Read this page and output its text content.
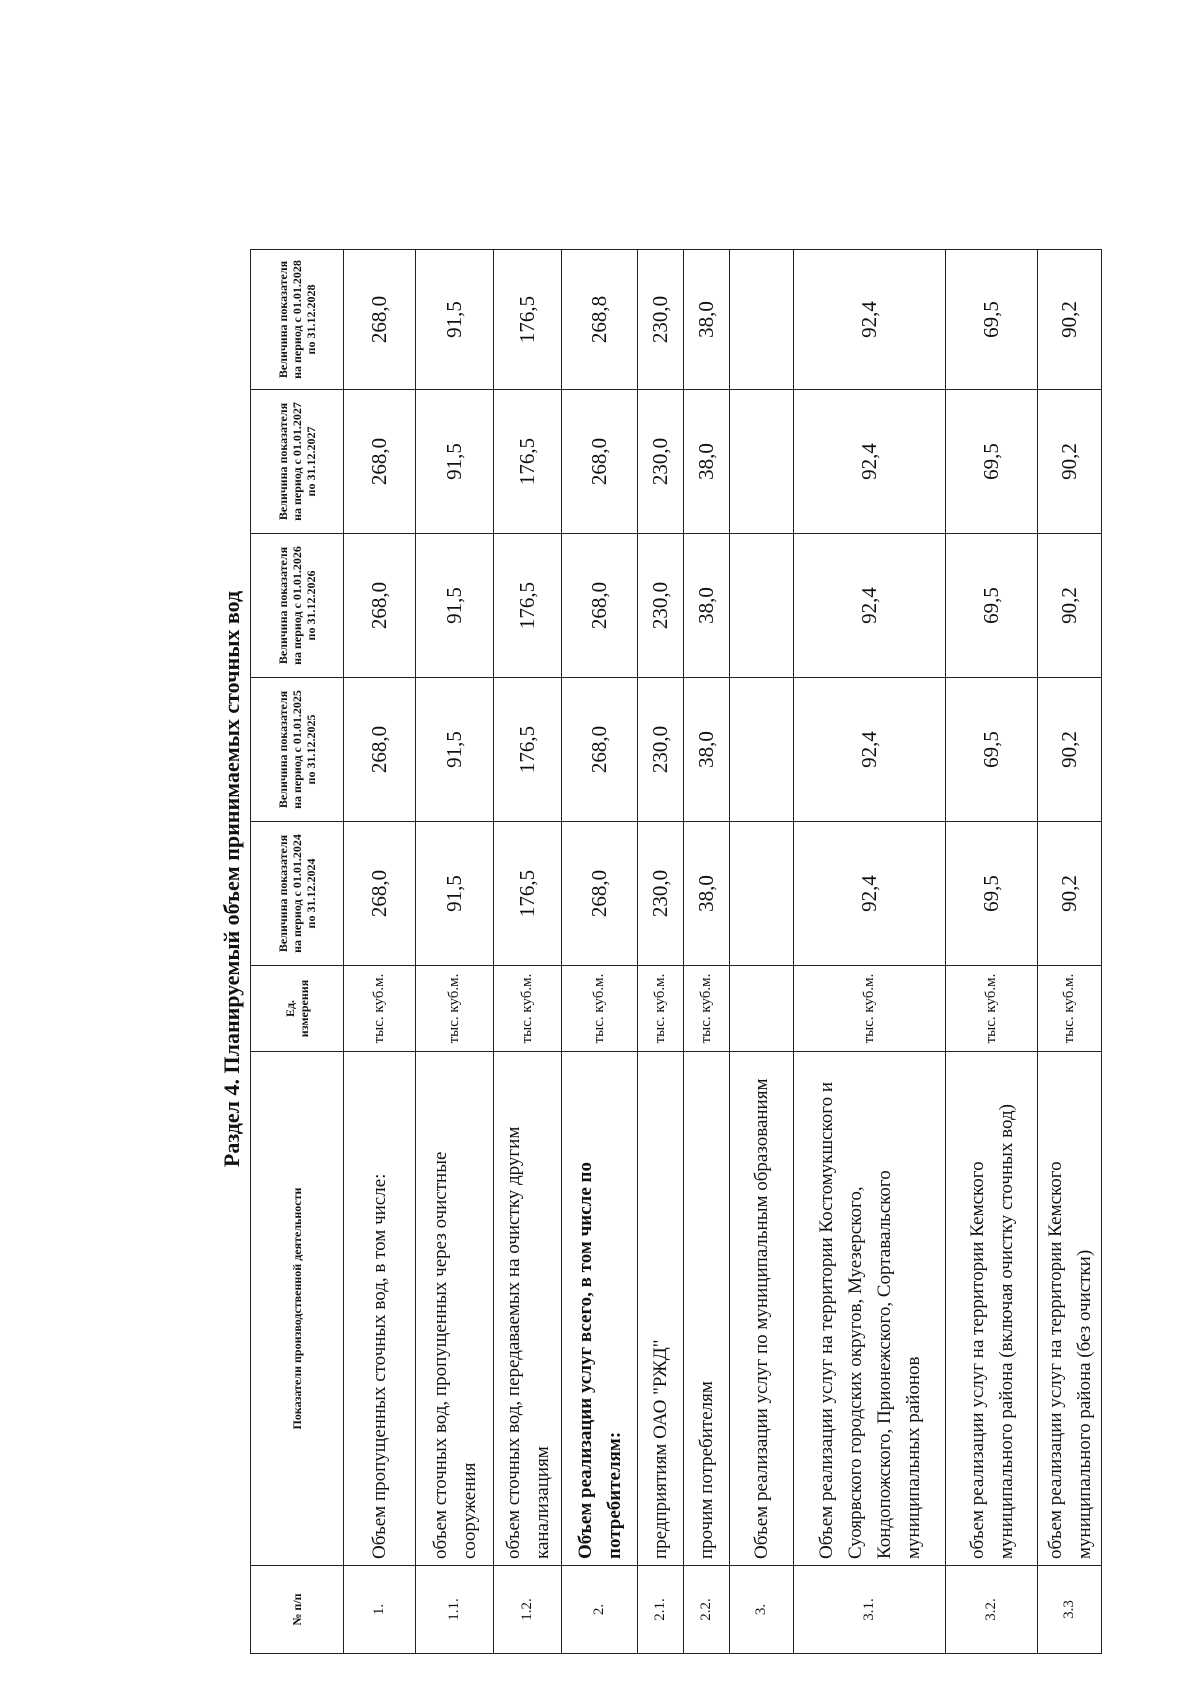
Раздел 4. Планируемый объем принимаемых сточных вод
№ п/п	Показатели производственной деятельности	Ед. измерения	Величина показателя на период с 01.01.2024 по 31.12.2024	Величина показателя на период с 01.01.2025 по 31.12.2025	Величина показателя на период с 01.01.2026 по 31.12.2026	Величина показателя на период с 01.01.2027 по 31.12.2027	Величина показателя на период с 01.01.2028 по 31.12.2028
1.	Объем пропущенных сточных вод, в том числе:	тыс. куб.м.	268,0	268,0	268,0	268,0	268,0
1.1.	объем сточных вод, пропущенных через очистные сооружения	тыс. куб.м.	91,5	91,5	91,5	91,5	91,5
1.2.	объем сточных вод, передаваемых на очистку другим канализациям	тыс. куб.м.	176,5	176,5	176,5	176,5	176,5
2.	Объем реализации услуг всего, в том числе по потребителям:	тыс. куб.м.	268,0	268,0	268,0	268,0	268,8
2.1.	предприятиям ОАО "РЖД"	тыс. куб.м.	230,0	230,0	230,0	230,0	230,0
2.2.	прочим потребителям	тыс. куб.м.	38,0	38,0	38,0	38,0	38,0
3.	Объем реализации услуг по муниципальным образованиям						
3.1.	Объем реализации услуг на территории Костомукшского и Суоярвского городских округов, Муезерского, Кондопожского, Прионежского, Сортавальского муниципальных районов	тыс. куб.м.	92,4	92,4	92,4	92,4	92,4
3.2.	объем реализации услуг на территории Кемского муниципального района (включая очистку сточных вод)	тыс. куб.м.	69,5	69,5	69,5	69,5	69,5
3.3	объем реализации услуг на территории Кемского муниципального района (без очистки)	тыс. куб.м.	90,2	90,2	90,2	90,2	90,2
